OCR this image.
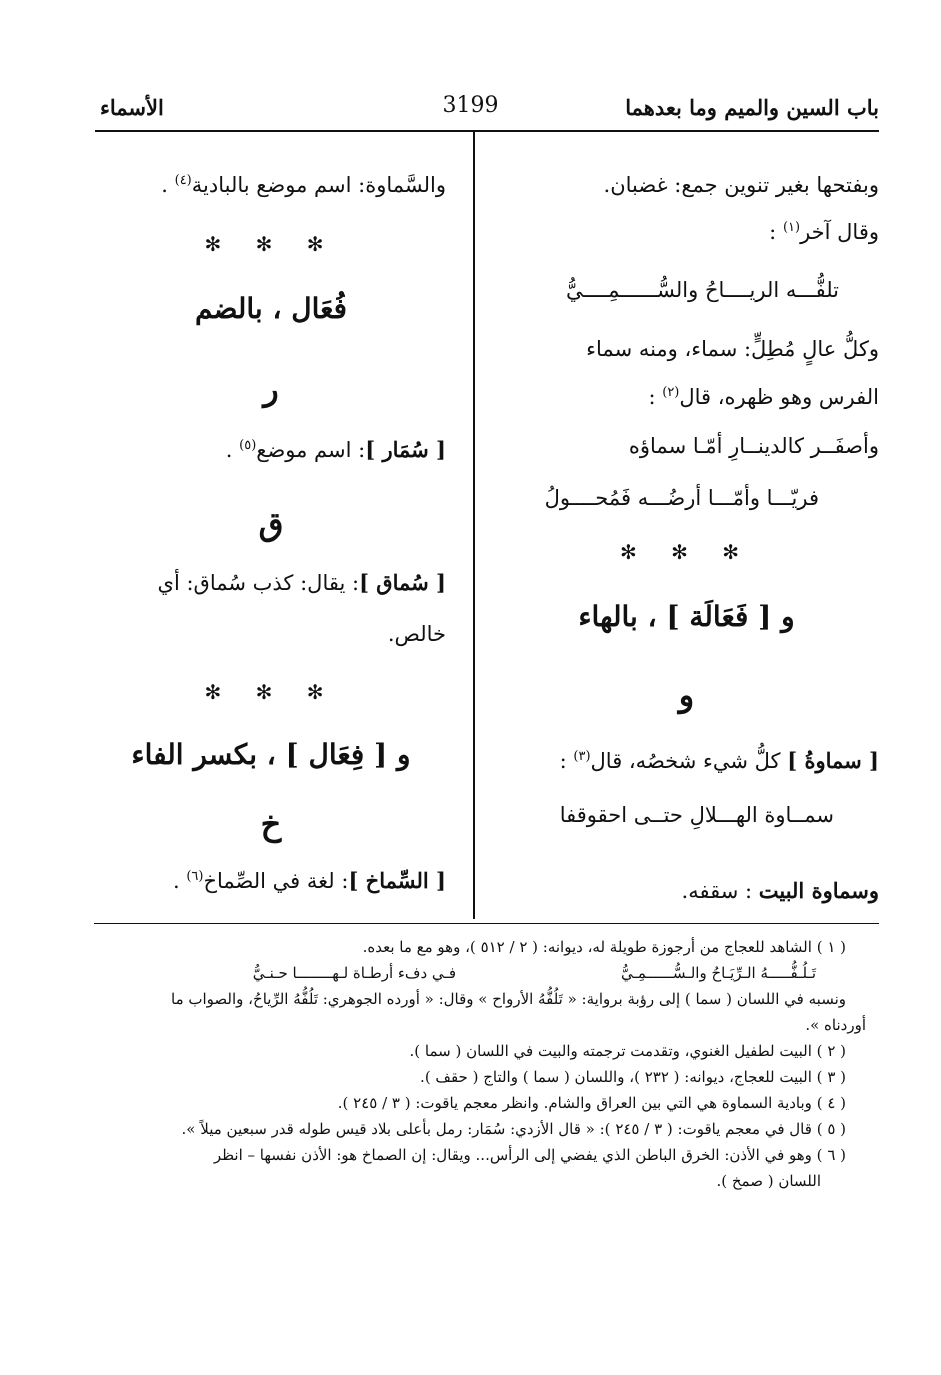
باب السين والميم وما بعدهما
3199
الأسماء
وبفتحها بغير تنوين جمع: غضبان.
وقال آخر$^{(١)}$ :
تلفُّـــه الريــــاحُ والسُّــــــمِــــيُّ
وكلُّ عالٍ مُطِلٍّ: سماء، ومنه سماء
الفرس وهو ظهره، قال$^{(٢)}$ :
وأصفَــر كالدينــارِ أمّـا سماؤه
فريّـــا وأمّـــا أرضُـــه فَمُحــــولُ
✻ ✻ ✻
و [ فَعَالَة ] ، بالهاء
و
[ سماوةُ ] كلُّ شيء شخصُه، قال$^{(٣)}$ :
سمــاوة الهـــلالِ حتــى احقوقفا
وسماوة البيت : سقفه.
والسَّماوة: اسم موضع بالبادية$^{(٤)}$ .
✻ ✻ ✻
فُعَال ، بالضم
ر
[ سُمَار ]: اسم موضع$^{(٥)}$ .
ق
[ سُماق ]: يقال: كذب سُماق: أي
خالص.
✻ ✻ ✻
و [ فِعَال ] ، بكسر الفاء
خ
[ السِّماخ ]: لغة في الصِّماخ$^{(٦)}$ .
( ١ ) الشاهد للعجاج من أرجوزة طويلة له، ديوانه: ( ٢ / ٥١٢ )، وهو مع ما بعده.
تَـلُـفُّـــــهُ الـرِّيَـاحُ والـسُّــــــمِـيُّ
فـي دفء أرطـاة لـهــــــــا حـنـيُّ
ونسبه في اللسان ( سما ) إلى رؤبة برواية: « تَلُفُّهُ الأرواح » وقال: « أورده الجوهري: تَلُفُّهُ الرِّياحُ، والصواب ما
أوردناه ».
( ٢ ) البيت لطفيل الغنوي، وتقدمت ترجمته والبيت في اللسان ( سما ).
( ٣ ) البيت للعجاج، ديوانه: ( ٢٣٢ )، واللسان ( سما ) والتاج ( حقف ).
( ٤ ) وبادية السماوة هي التي بين العراق والشام. وانظر معجم ياقوت: ( ٣ / ٢٤٥ ).
( ٥ ) قال في معجم ياقوت: ( ٣ / ٢٤٥ ): « قال الأزدي: سُمَار: رمل بأعلى بلاد قيس طوله قدر سبعين ميلاً ».
( ٦ ) وهو في الأذن: الخرق الباطن الذي يفضي إلى الرأس... ويقال: إن الصماخ هو: الأذن نفسها – انظر
اللسان ( صمخ ).
